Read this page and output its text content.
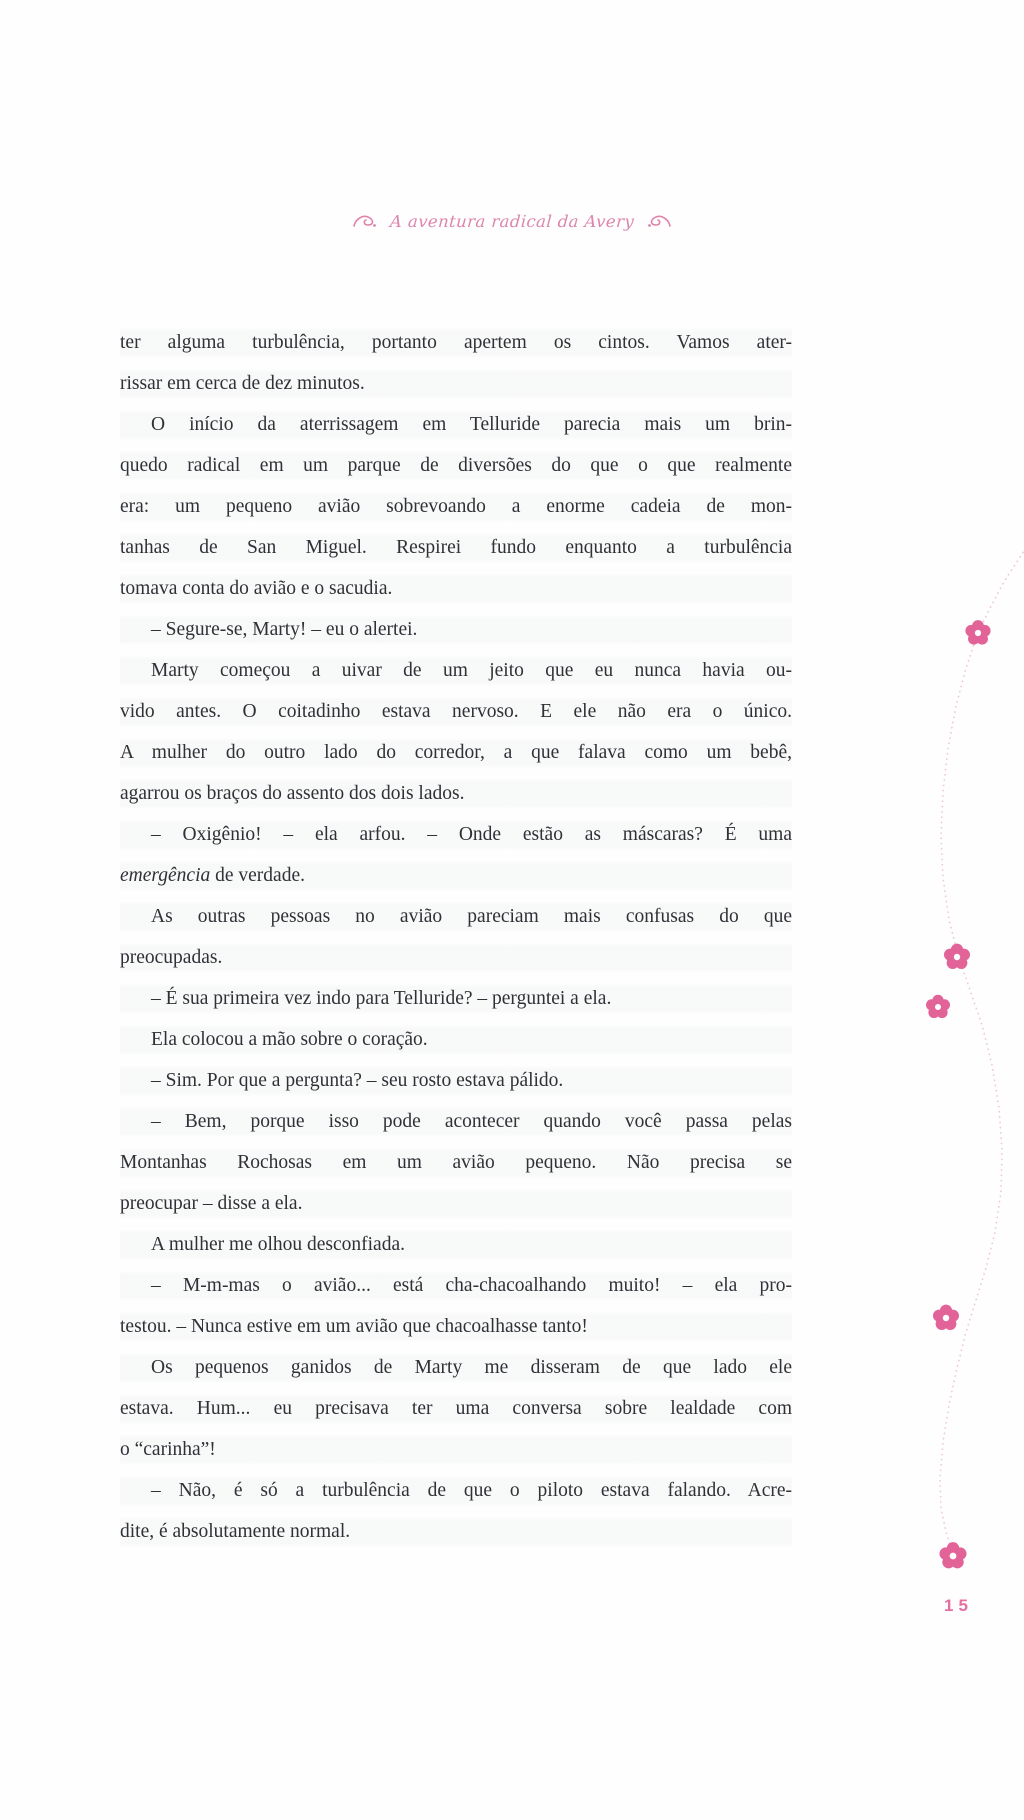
A aventura radical da Avery
ter alguma turbulência, portanto apertem os cintos. Vamos ater-
rissar em cerca de dez minutos.
O início da aterrissagem em Telluride parecia mais um brin-
quedo radical em um parque de diversões do que o que realmente
era: um pequeno avião sobrevoando a enorme cadeia de mon-
tanhas de San Miguel. Respirei fundo enquanto a turbulência
tomava conta do avião e o sacudia.
– Segure-se, Marty! – eu o alertei.
Marty começou a uivar de um jeito que eu nunca havia ou-
vido antes. O coitadinho estava nervoso. E ele não era o único.
A mulher do outro lado do corredor, a que falava como um bebê,
agarrou os braços do assento dos dois lados.
– Oxigênio! – ela arfou. – Onde estão as máscaras? É uma
emergência de verdade.
As outras pessoas no avião pareciam mais confusas do que
preocupadas.
– É sua primeira vez indo para Telluride? – perguntei a ela.
Ela colocou a mão sobre o coração.
– Sim. Por que a pergunta? – seu rosto estava pálido.
– Bem, porque isso pode acontecer quando você passa pelas
Montanhas Rochosas em um avião pequeno. Não precisa se
preocupar – disse a ela.
A mulher me olhou desconfiada.
– M-m-mas o avião... está cha-chacoalhando muito! – ela pro-
testou. – Nunca estive em um avião que chacoalhasse tanto!
Os pequenos ganidos de Marty me disseram de que lado ele
estava. Hum... eu precisava ter uma conversa sobre lealdade com
o “carinha”!
– Não, é só a turbulência de que o piloto estava falando. Acre-
dite, é absolutamente normal.
15
